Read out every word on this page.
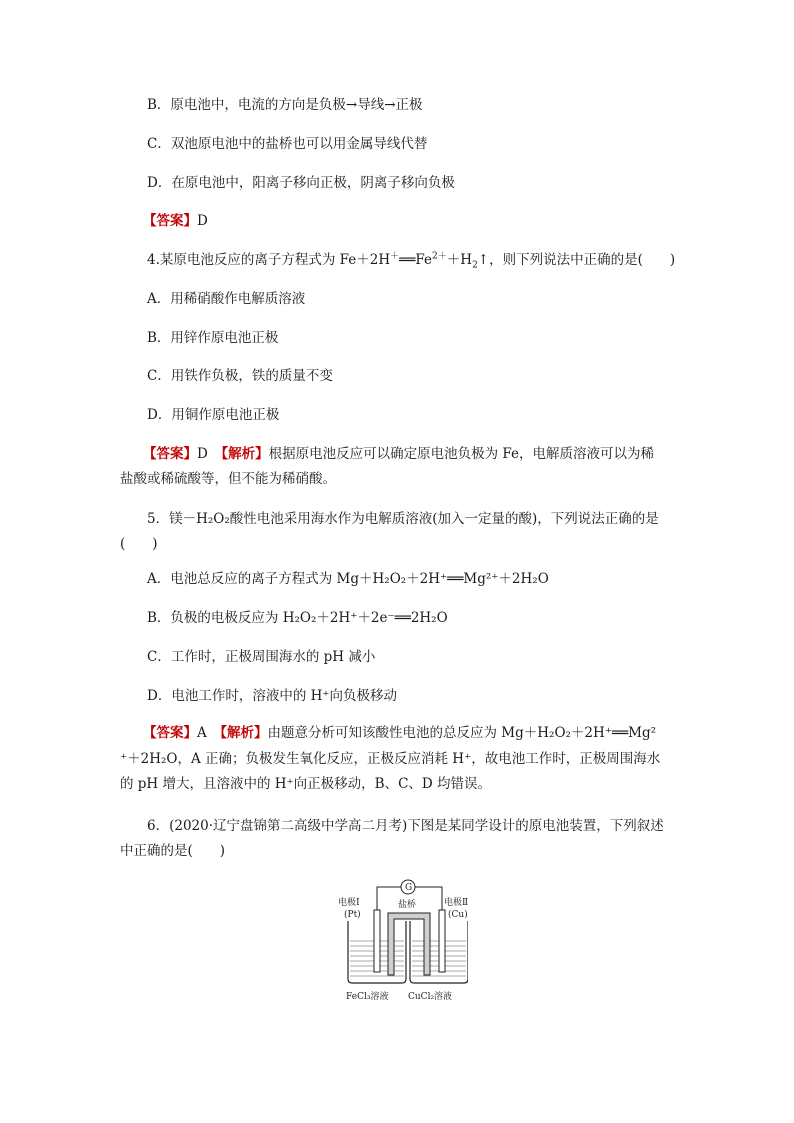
B．原电池中，电流的方向是负极→导线→正极
C．双池原电池中的盐桥也可以用金属导线代替
D．在原电池中，阳离子移向正极，阴离子移向负极
【答案】D
4.某原电池反应的离子方程式为 $Fe+2H^+══Fe^{2+}+H_2↑$，则下列说法中正确的是(　　)
A．用稀硝酸作电解质溶液
B．用锌作原电池正极
C．用铁作负极，铁的质量不变
D．用铜作原电池正极
【答案】D　 【解析】根据原电池反应可以确定原电池负极为 Fe，电解质溶液可以为稀
盐酸或稀硫酸等，但不能为稀硝酸。
5．镁－H₂O₂酸性电池采用海水作为电解质溶液(加入一定量的酸)，下列说法正确的是
(　　)
A．电池总反应的离子方程式为 Mg＋H₂O₂＋2H⁺══Mg²⁺＋2H₂O
B．负极的电极反应为 H₂O₂＋2H⁺＋2e⁻══2H₂O
C．工作时，正极周围海水的 pH 减小
D．电池工作时，溶液中的 H⁺向负极移动
【答案】A　 【解析】由题意分析可知该酸性电池的总反应为 Mg＋H₂O₂＋2H⁺══Mg²
⁺＋2H₂O，A 正确；负极发生氧化反应，正极反应消耗 H⁺，故电池工作时，正极周围海水
的 pH 增大，且溶液中的 H⁺向正极移动，B、C、D 均错误。
6．(2020·辽宁盘锦第二高级中学高二月考)下图是某同学设计的原电池装置，下列叙述
中正确的是(　　)
G
电极Ⅰ
(Pt)
盐桥	电极Ⅱ
(Cu)
FeCl₃溶液 CuCl₂溶液
